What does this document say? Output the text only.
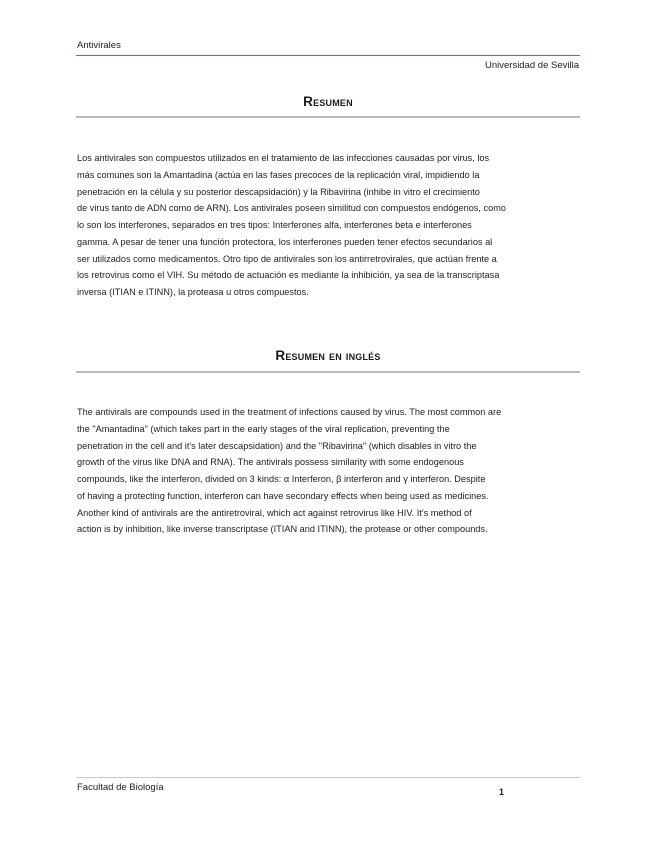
Antivirales
Universidad de Sevilla
Resumen
Los antivirales son compuestos utilizados en el tratamiento de las infecciones causadas por virus, los
más comunes son la Amantadina (actúa en las fases precoces de la replicación viral, impidiendo la
penetración en la célula y su posterior descapsidación) y la Ribavirina (inhibe in vitro el crecimiento
de virus tanto de ADN como de ARN). Los antivirales poseen similitud con compuestos endógenos, como
lo son los interferones, separados en tres tipos: Interferones alfa, interferones beta e interferones
gamma. A pesar de tener una función protectora, los interferones pueden tener efectos secundarios al
ser utilizados como medicamentos. Otro tipo de antivirales son los antirretrovirales, que actúan frente a
los retrovirus como el VIH. Su método de actuación es mediante la inhibición, ya sea de la transcriptasa
inversa (ITIAN e ITINN), la proteasa u otros compuestos.
Resumen en inglés
The antivirals are compounds used in the treatment of infections caused by virus. The most common are
the "Amantadina" (which takes part in the early stages of the viral replication, preventing the
penetration in the cell and it's later descapsidation) and the "Ribavirina" (which disables in vitro the
growth of the virus like DNA and RNA). The antivirals possess similarity with some endogenous
compounds, like the interferon, divided on 3 kinds: α Interferon, β interferon and γ interferon. Despite
of having a protecting function, interferon can have secondary effects when being used as medicines.
Another kind of antivirals are the antiretroviral, which act against retrovirus like HIV. It's method of
action is by inhibition, like inverse transcriptase (ITIAN and ITINN), the protease or other compounds.
Facultad de Biología	1
